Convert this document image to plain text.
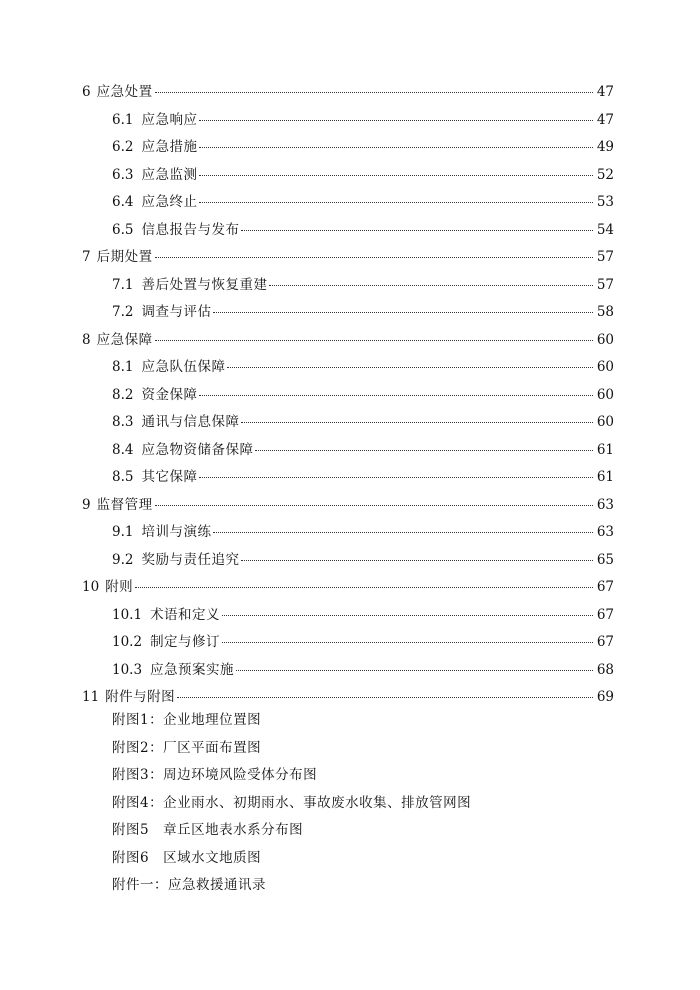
6 应急处置	47
6.1 应急响应	47
6.2 应急措施	49
6.3 应急监测	52
6.4 应急终止	53
6.5 信息报告与发布	54
7 后期处置	57
7.1 善后处置与恢复重建	57
7.2 调查与评估	58
8 应急保障	60
8.1 应急队伍保障	60
8.2 资金保障	60
8.3 通讯与信息保障	60
8.4 应急物资储备保障	61
8.5 其它保障	61
9 监督管理	63
9.1 培训与演练	63
9.2 奖励与责任追究	65
10 附则	67
10.1 术语和定义	67
10.2 制定与修订	67
10.3 应急预案实施	68
11 附件与附图	69
附图1： 企业地理位置图
附图2： 厂区平面布置图
附图3： 周边环境风险受体分布图
附图4： 企业雨水、初期雨水、事故废水收集、排放管网图
附图5　 章丘区地表水系分布图
附图6　 区域水文地质图
附件一： 应急救援通讯录
